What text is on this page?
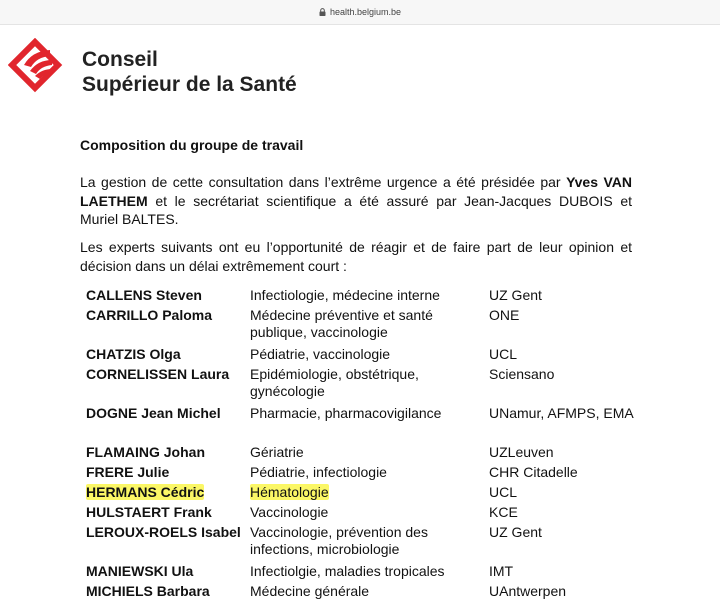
health.belgium.be
Conseil
Supérieur de la Santé
Composition du groupe de travail
La gestion de cette consultation dans l’extrême urgence a été présidée par Yves VAN LAETHEM et le secrétariat scientifique a été assuré par Jean-Jacques DUBOIS et Muriel BALTES.
Les experts suivants ont eu l’opportunité de réagir et de faire part de leur opinion et décision dans un délai extrêmement court :
CALLENS Steven	Infectiologie, médecine interne	UZ Gent
CARRILLO Paloma	Médecine préventive et santé publique, vaccinologie	ONE
CHATZIS Olga	Pédiatrie, vaccinologie	UCL
CORNELISSEN Laura	Epidémiologie, obstétrique, gynécologie	Sciensano
DOGNE Jean Michel	Pharmacie, pharmacovigilance	UNamur, AFMPS, EMA
FLAMAING Johan	Gériatrie	UZLeuven
FRERE Julie	Pédiatrie, infectiologie	CHR Citadelle
HERMANS Cédric	Hématologie	UCL
HULSTAERT Frank	Vaccinologie	KCE
LEROUX-ROELS Isabel	Vaccinologie, prévention des infections, microbiologie	UZ Gent
MANIEWSKI Ula	Infectiolgie, maladies tropicales	IMT
MICHIELS Barbara	Médecine générale	UAntwerpen
